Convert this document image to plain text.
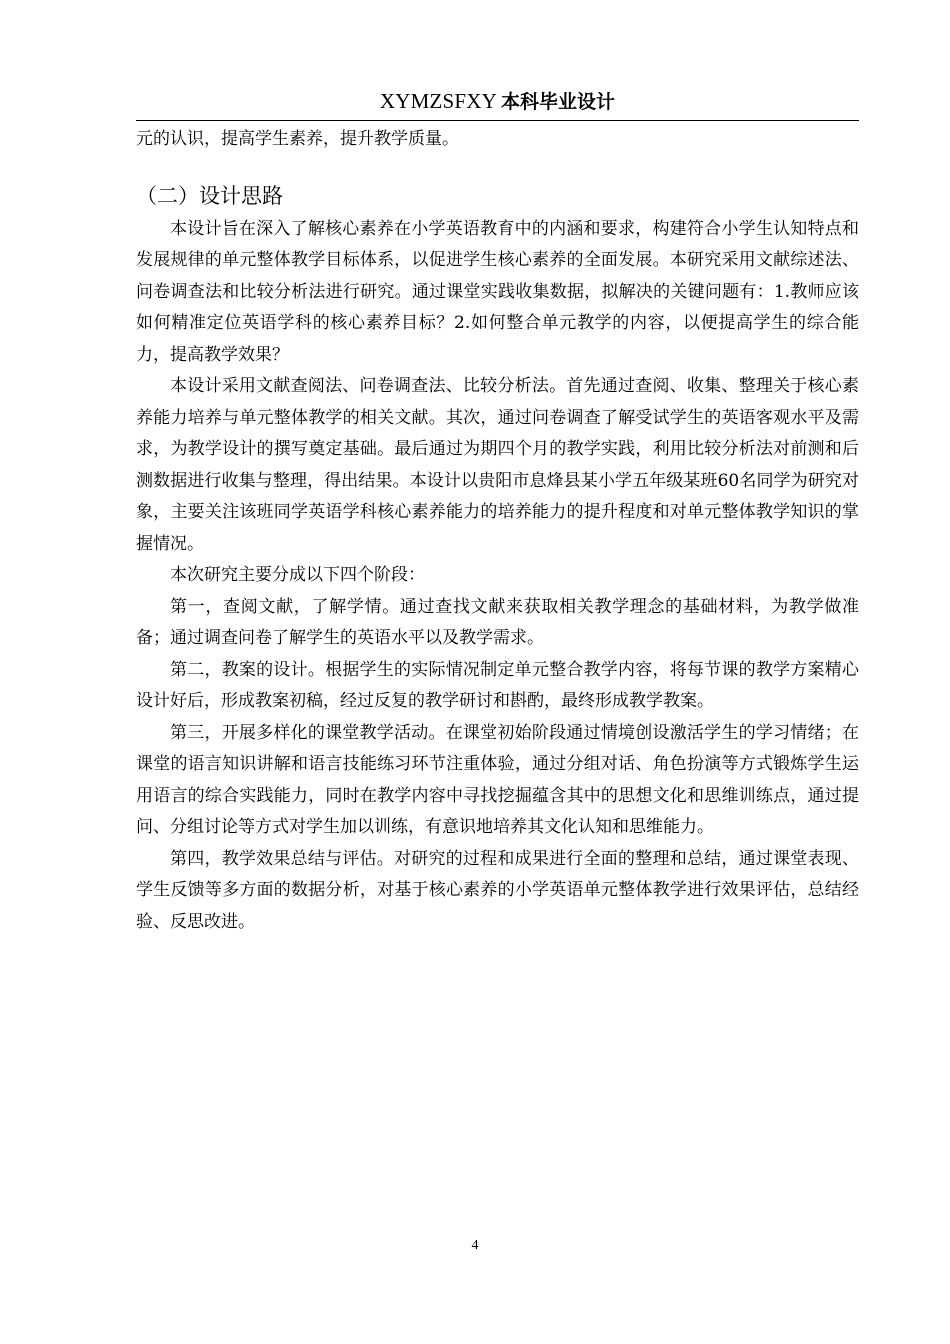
XYMZSFXY 本科毕业设计

元的认识，提高学生素养，提升教学质量。

（二）设计思路

本设计旨在深入了解核心素养在小学英语教育中的内涵和要求，构建符合小学生认知特点和发展规律的单元整体教学目标体系，以促进学生核心素养的全面发展。本研究采用文献综述法、问卷调查法和比较分析法进行研究。通过课堂实践收集数据，拟解决的关键问题有：1.教师应该如何精准定位英语学科的核心素养目标？2.如何整合单元教学的内容，以便提高学生的综合能力，提高教学效果？

本设计采用文献查阅法、问卷调查法、比较分析法。首先通过查阅、收集、整理关于核心素养能力培养与单元整体教学的相关文献。其次，通过问卷调查了解受试学生的英语客观水平及需求，为教学设计的撰写奠定基础。最后通过为期四个月的教学实践，利用比较分析法对前测和后测数据进行收集与整理，得出结果。本设计以贵阳市息烽县某小学五年级某班60名同学为研究对象，主要关注该班同学英语学科核心素养能力的培养能力的提升程度和对单元整体教学知识的掌握情况。

本次研究主要分成以下四个阶段：

第一，查阅文献，了解学情。通过查找文献来获取相关教学理念的基础材料，为教学做准备；通过调查问卷了解学生的英语水平以及教学需求。

第二，教案的设计。根据学生的实际情况制定单元整合教学内容，将每节课的教学方案精心设计好后，形成教案初稿，经过反复的教学研讨和斟酌，最终形成教学教案。

第三，开展多样化的课堂教学活动。在课堂初始阶段通过情境创设激活学生的学习情绪；在课堂的语言知识讲解和语言技能练习环节注重体验，通过分组对话、角色扮演等方式锻炼学生运用语言的综合实践能力，同时在教学内容中寻找挖掘蕴含其中的思想文化和思维训练点，通过提问、分组讨论等方式对学生加以训练，有意识地培养其文化认知和思维能力。

第四，教学效果总结与评估。对研究的过程和成果进行全面的整理和总结，通过课堂表现、学生反馈等多方面的数据分析，对基于核心素养的小学英语单元整体教学进行效果评估，总结经验、反思改进。

4
